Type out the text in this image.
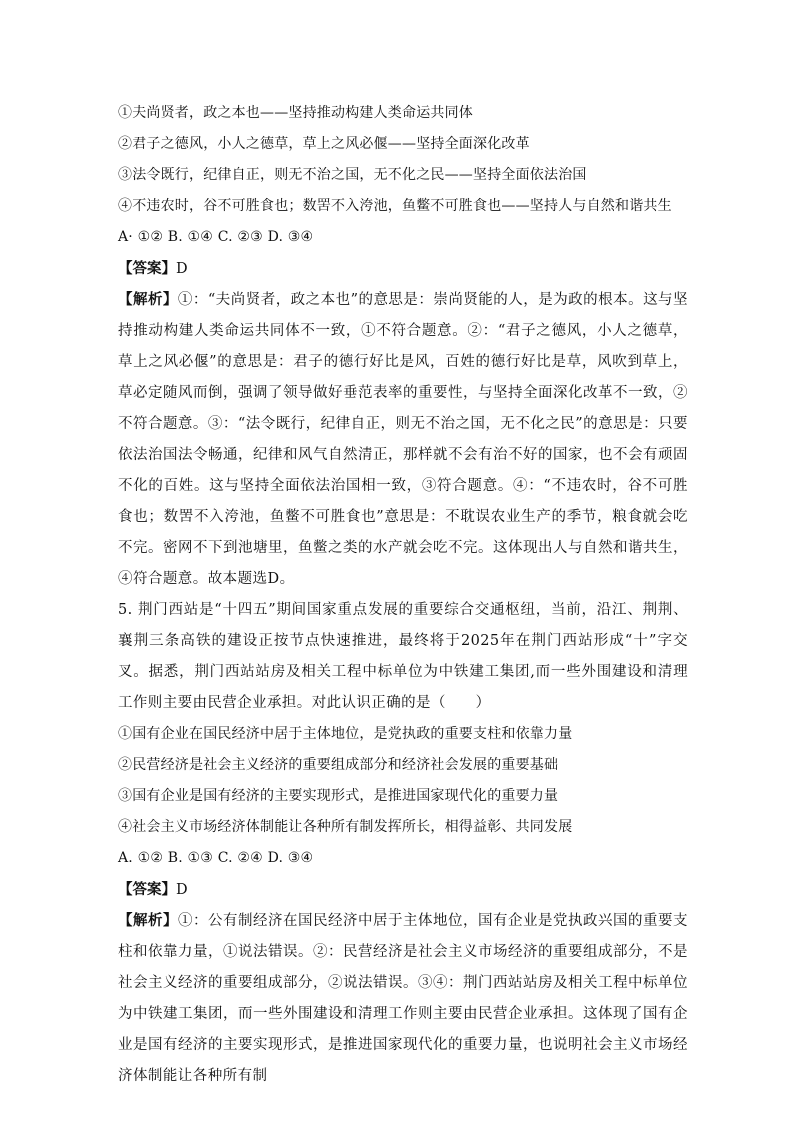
①夫尚贤者，政之本也——坚持推动构建人类命运共同体
②君子之德风，小人之德草，草上之风必偃——坚持全面深化改革
③法令既行，纪律自正，则无不治之国，无不化之民——坚持全面依法治国
④不违农时，谷不可胜食也；数罟不入洿池，鱼鳖不可胜食也——坚持人与自然和谐共生
A· ①② B. ①④ C. ②③ D. ③④
【答案】D

【解析】①：“夫尚贤者，政之本也”的意思是：崇尚贤能的人，是为政的根本。这与坚持推动构建人类命运共同体不一致，①不符合题意。②：“君子之德风，小人之德草，草上之风必偃”的意思是：君子的德行好比是风，百姓的德行好比是草，风吹到草上，草必定随风而倒，强调了领导做好垂范表率的重要性，与坚持全面深化改革不一致，②不符合题意。③：“法令既行，纪律自正，则无不治之国，无不化之民”的意思是：只要依法治国法令畅通，纪律和风气自然清正，那样就不会有治不好的国家，也不会有顽固不化的百姓。这与坚持全面依法治国相一致，③符合题意。④：“不违农时，谷不可胜食也；数罟不入洿池，鱼鳖不可胜食也”意思是：不耽误农业生产的季节，粮食就会吃不完。密网不下到池塘里，鱼鳖之类的水产就会吃不完。这体现出人与自然和谐共生，④符合题意。故本题选D。

5. 荆门西站是“十四五”期间国家重点发展的重要综合交通枢纽，当前，沿江、荆荆、襄荆三条高铁的建设正按节点快速推进，最终将于2025年在荆门西站形成“十”字交叉。据悉，荆门西站站房及相关工程中标单位为中铁建工集团,而一些外围建设和清理工作则主要由民营企业承担。对此认识正确的是（　　）

①国有企业在国民经济中居于主体地位，是党执政的重要支柱和依靠力量
②民营经济是社会主义经济的重要组成部分和经济社会发展的重要基础
③国有企业是国有经济的主要实现形式，是推进国家现代化的重要力量
④社会主义市场经济体制能让各种所有制发挥所长，相得益彰、共同发展
A. ①② B. ①③ C. ②④ D. ③④
【答案】D

【解析】①：公有制经济在国民经济中居于主体地位，国有企业是党执政兴国的重要支柱和依靠力量，①说法错误。②：民营经济是社会主义市场经济的重要组成部分，不是社会主义经济的重要组成部分，②说法错误。③④：荆门西站站房及相关工程中标单位为中铁建工集团，而一些外围建设和清理工作则主要由民营企业承担。这体现了国有企业是国有经济的主要实现形式，是推进国家现代化的重要力量，也说明社会主义市场经济体制能让各种所有制
